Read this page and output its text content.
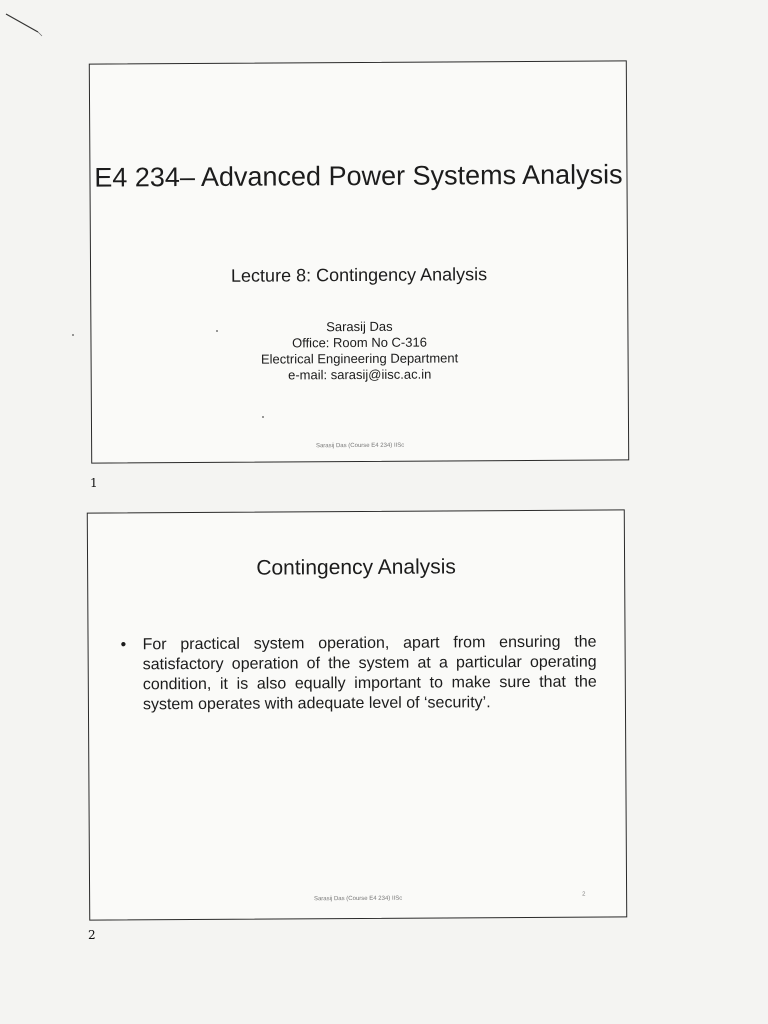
E4 234– Advanced Power Systems Analysis
Lecture 8: Contingency Analysis
Sarasij Das
Office: Room No C-316
Electrical Engineering Department
e-mail: sarasij@iisc.ac.in
Sarasij Das (Course E4 234) IISc
1
Contingency Analysis
• For practical system operation, apart from ensuring the satisfactory operation of the system at a particular operating condition, it is also equally important to make sure that the system operates with adequate level of ‘security’.
Sarasij Das (Course E4 234) IISc
2
2
